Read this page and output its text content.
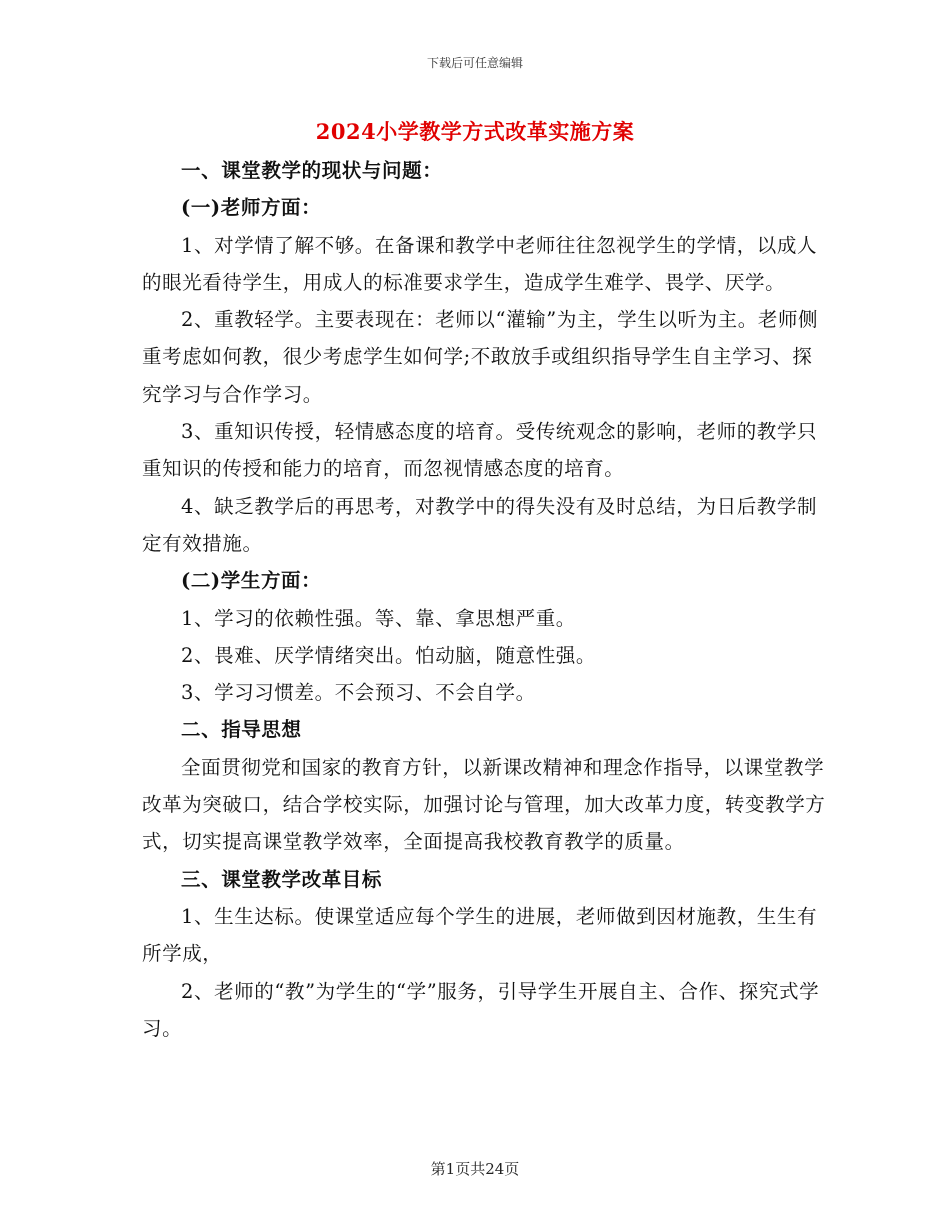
下载后可任意编辑
2024小学教学方式改革实施方案

一、课堂教学的现状与问题：

(一)老师方面：

1、对学情了解不够。在备课和教学中老师往往忽视学生的学情，以成人的眼光看待学生，用成人的标准要求学生，造成学生难学、畏学、厌学。

2、重教轻学。主要表现在：老师以“灌输”为主，学生以听为主。老师侧重考虑如何教，很少考虑学生如何学;不敢放手或组织指导学生自主学习、探究学习与合作学习。

3、重知识传授，轻情感态度的培育。受传统观念的影响，老师的教学只重知识的传授和能力的培育，而忽视情感态度的培育。

4、缺乏教学后的再思考，对教学中的得失没有及时总结，为日后教学制定有效措施。

(二)学生方面：

1、学习的依赖性强。等、靠、拿思想严重。

2、畏难、厌学情绪突出。怕动脑，随意性强。

3、学习习惯差。不会预习、不会自学。

二、指导思想

全面贯彻党和国家的教育方针，以新课改精神和理念作指导，以课堂教学改革为突破口，结合学校实际，加强讨论与管理，加大改革力度，转变教学方式，切实提高课堂教学效率，全面提高我校教育教学的质量。

三、课堂教学改革目标

1、生生达标。使课堂适应每个学生的进展，老师做到因材施教，生生有所学成，

2、老师的“教”为学生的“学”服务，引导学生开展自主、合作、探究式学习。

第1页共24页
